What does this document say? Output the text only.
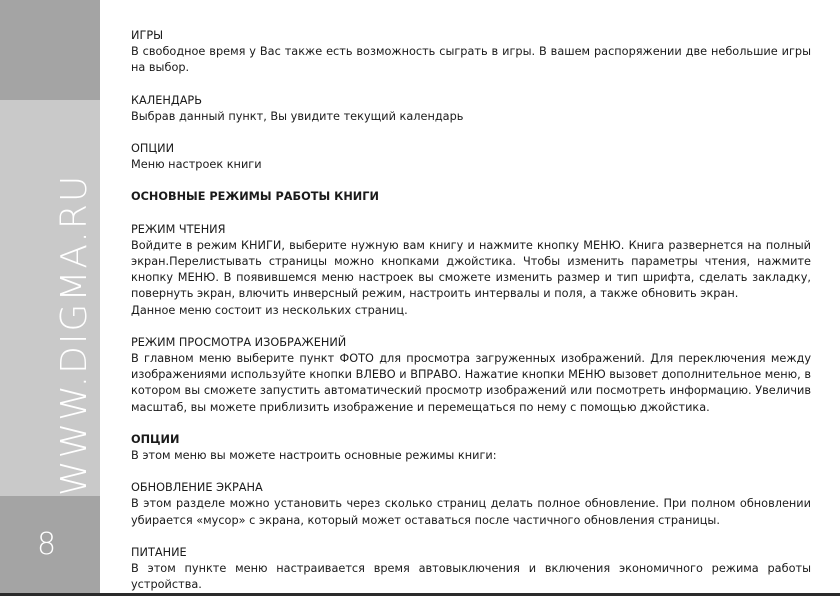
WWW.DIGMA.RU
8
ИГРЫ

В свободное время у Вас также есть возможность сыграть в игры. В вашем распоряжении две небольшие игры на выбор.

КАЛЕНДАРЬ

Выбрав данный пункт, Вы увидите текущий календарь

ОПЦИИ

Меню настроек книги

ОСНОВНЫЕ РЕЖИМЫ РАБОТЫ КНИГИ
РЕЖИМ ЧТЕНИЯ

Войдите в режим КНИГИ, выберите нужную вам книгу и нажмите кнопку МЕНЮ. Книга развернется на полный экран.Перелистывать страницы можно кнопками джойстика. Чтобы изменить параметры чтения, нажмите кнопку МЕНЮ. В появившемся меню настроек вы сможете изменить размер и тип шрифта, сделать закладку, повернуть экран, влючить инверсный режим, настроить интервалы и поля, а также обновить экран.

Данное меню состоит из нескольких страниц.

РЕЖИМ ПРОСМОТРА ИЗОБРАЖЕНИЙ

В главном меню выберите пункт ФОТО для просмотра загруженных изображений. Для переключения между изображениями используйте кнопки ВЛЕВО и ВПРАВО. Нажатие кнопки МЕНЮ вызовет дополнительное меню, в котором вы сможете запустить автоматический просмотр изображений или посмотреть информацию. Увеличив масштаб, вы можете приблизить изображение и перемещаться по нему с помощью джойстика.

ОПЦИИ

В этом меню вы можете настроить основные режимы книги:

ОБНОВЛЕНИЕ ЭКРАНА

В этом разделе можно установить через сколько страниц делать полное обновление. При полном обновлении убирается «мусор» с экрана, который может оставаться после частичного обновления страницы.

ПИТАНИЕ

В этом пункте меню настраивается время автовыключения и включения экономичного режима работы устройства.
